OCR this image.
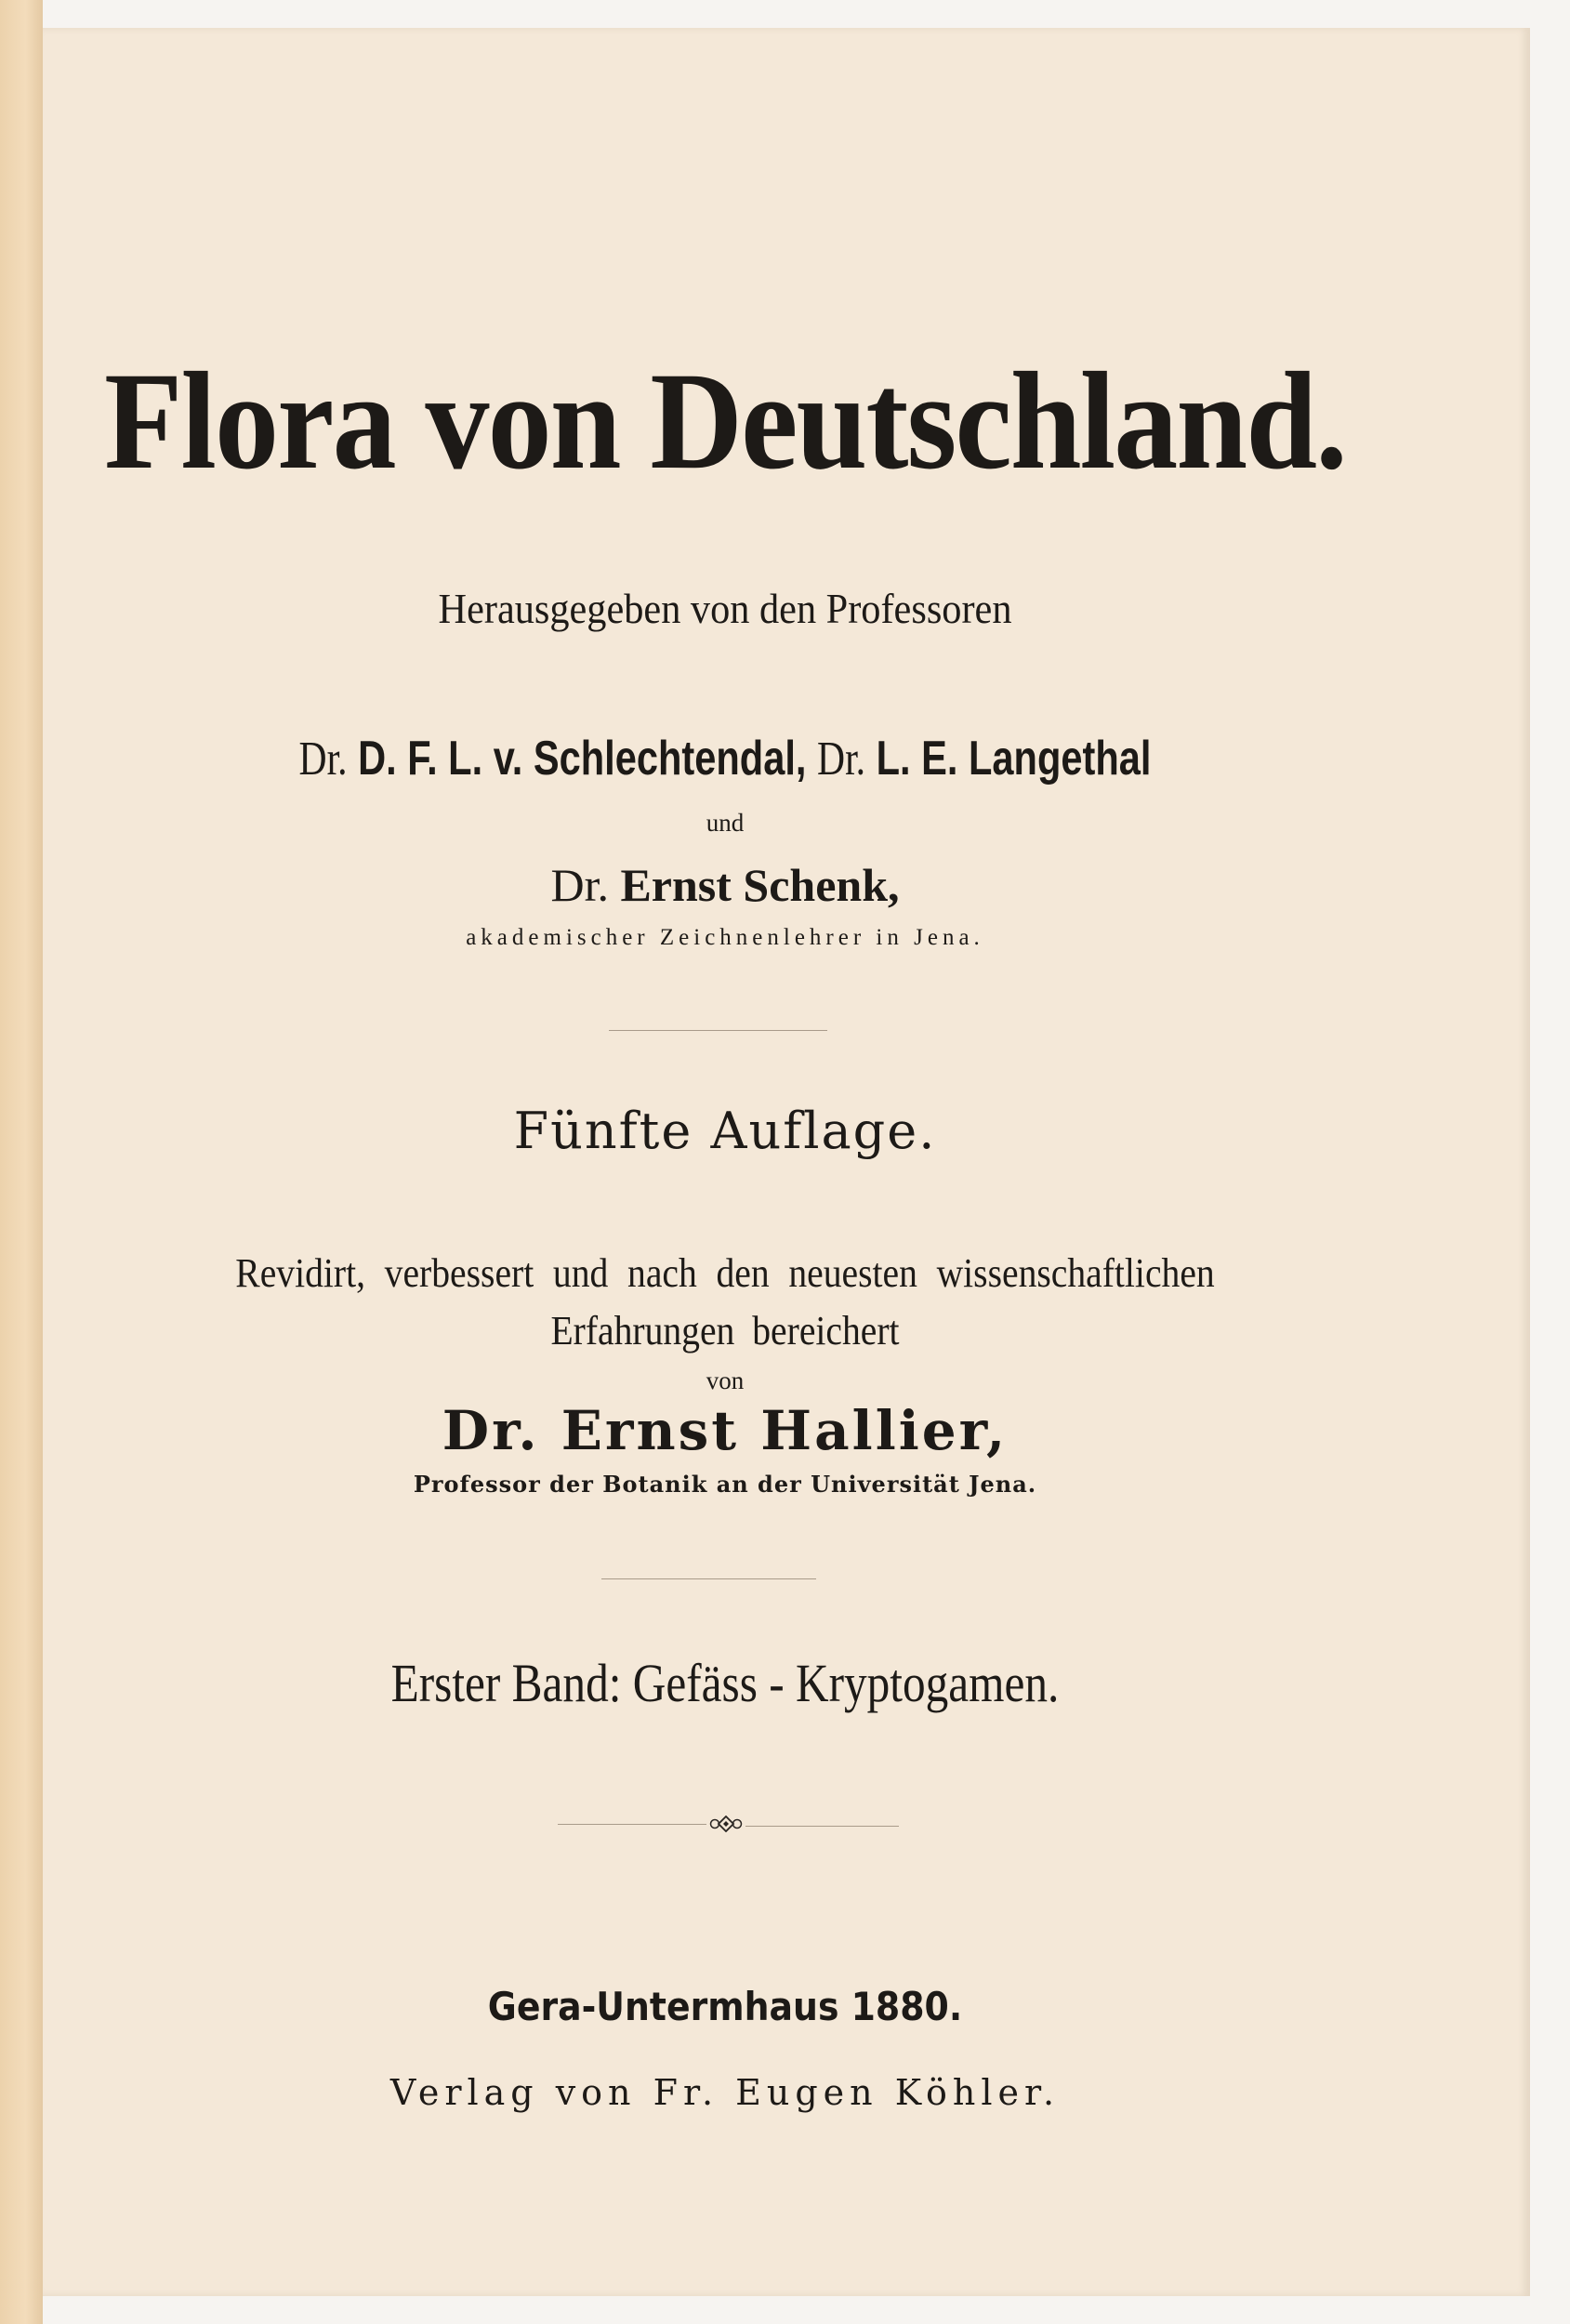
Flora von Deutschland.

Herausgegeben von den Professoren

Dr. D. F. L. v. Schlechtendal, Dr. L. E. Langethal

und

Dr. Ernst Schenk,

akademischer Zeichnenlehrer in Jena.

Fünfte Auflage.

Revidirt, verbessert und nach den neuesten wissenschaftlichen

Erfahrungen bereichert

von

Dr. Ernst Hallier,

Professor der Botanik an der Universität Jena.

Erster Band: Gefäss - Kryptogamen.

Gera-Untermhaus 1880.

Verlag von Fr. Eugen Köhler.
